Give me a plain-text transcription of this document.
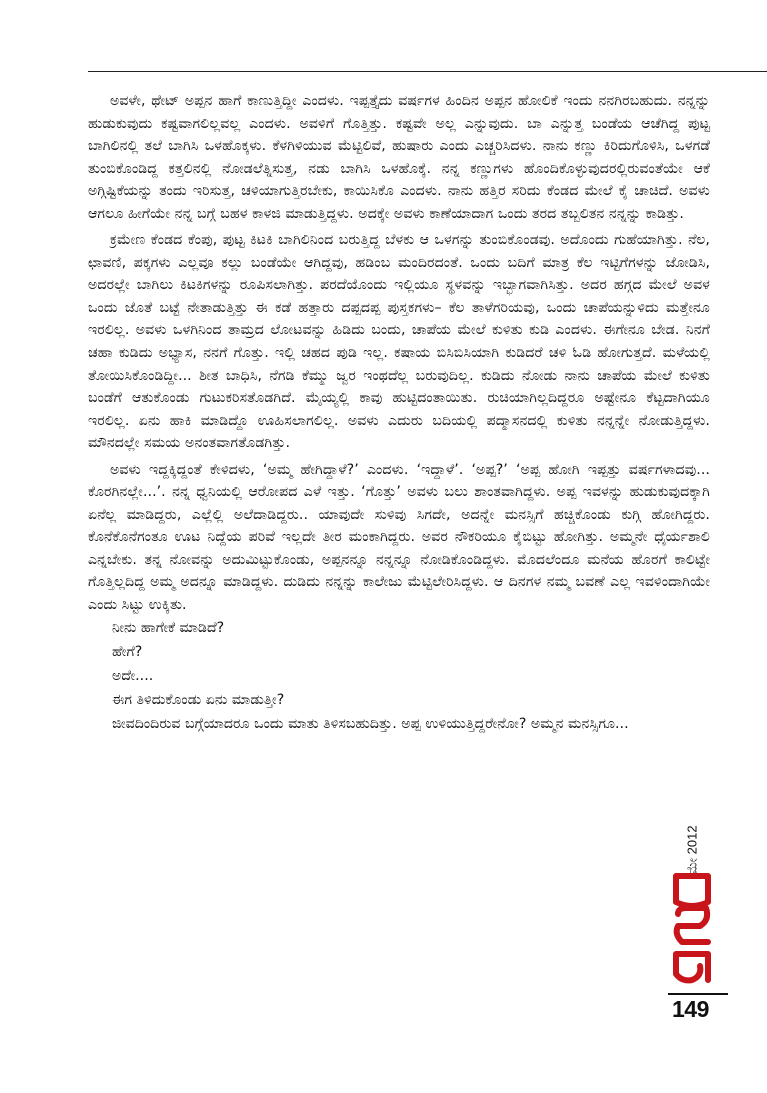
ಅವಳೇ, ಥೇಟ್ ಅಪ್ಪನ ಹಾಗೆ ಕಾಣುತ್ತಿದ್ದೀ ಎಂದಳು. ಇಪ್ಪತ್ತೈದು ವರ್ಷಗಳ ಹಿಂದಿನ ಅಪ್ಪನ ಹೋಲಿಕೆ ಇಂದು ನನಗಿರಬಹುದು. ನನ್ನನ್ನು ಹುಡುಕುವುದು ಕಷ್ಟವಾಗಲಿಲ್ಲವಲ್ಲ ಎಂದಳು. ಅವಳಿಗೆ ಗೊತ್ತಿತ್ತು. ಕಷ್ಟವೇ ಅಲ್ಲ ಎನ್ನುವುದು. ಬಾ ಎನ್ನುತ್ತ ಬಂಡೆಯ ಆಚೆಗಿದ್ದ ಪುಟ್ಟ ಬಾಗಿಲಿನಲ್ಲಿ ತಲೆ ಬಾಗಿಸಿ ಒಳಹೊಕ್ಕಳು. ಕೆಳಗಿಳಿಯುವ ಮೆಟ್ಟಿಲಿವೆ, ಹುಷಾರು ಎಂದು ಎಚ್ಚರಿಸಿದಳು. ನಾನು ಕಣ್ಣು ಕಿರಿದುಗೊಳಿಸಿ, ಒಳಗಡೆ ತುಂಬಿಕೊಂಡಿದ್ದ ಕತ್ತಲಿನಲ್ಲಿ ನೋಡಲೆತ್ನಿಸುತ್ತ, ನಡು ಬಾಗಿಸಿ ಒಳಹೊಕ್ಕೆ. ನನ್ನ ಕಣ್ಣುಗಳು ಹೊಂದಿಕೊಳ್ಳುವುದರಲ್ಲಿರುವಂತೆಯೇ ಆಕೆ ಅಗ್ಗಿಷ್ಟಿಕೆಯನ್ನು ತಂದು ಇರಿಸುತ್ತ, ಚಳಿಯಾಗುತ್ತಿರಬೇಕು, ಕಾಯಿಸಿಕೊ ಎಂದಳು. ನಾನು ಹತ್ತಿರ ಸರಿದು ಕೆಂಡದ ಮೇಲೆ ಕೈ ಚಾಚಿದೆ. ಅವಳು ಆಗಲೂ ಹೀಗೆಯೇ ನನ್ನ ಬಗ್ಗೆ ಬಹಳ ಕಾಳಜಿ ಮಾಡುತ್ತಿದ್ದಳು. ಅದಕ್ಕೇ ಅವಳು ಕಾಣೆಯಾದಾಗ ಒಂದು ತರದ ತಬ್ಬಲಿತನ ನನ್ನನ್ನು ಕಾಡಿತ್ತು.

ಕ್ರಮೇಣ ಕೆಂಡದ ಕೆಂಪು, ಪುಟ್ಟ ಕಿಟಕಿ ಬಾಗಿಲಿನಿಂದ ಬರುತ್ತಿದ್ದ ಬೆಳಕು ಆ ಒಳಗನ್ನು ತುಂಬಿಕೊಂಡವು. ಅದೊಂದು ಗುಹೆಯಾಗಿತ್ತು. ನೆಲ, ಛಾವಣಿ, ಪಕ್ಕಗಳು ಎಲ್ಲವೂ ಕಲ್ಲು ಬಂಡೆಯೇ ಆಗಿದ್ದವು, ಹಡಿಂಬ ಮಂದಿರದಂತೆ. ಒಂದು ಬದಿಗೆ ಮಾತ್ರ ಕೆಲ ಇಟ್ಟಿಗೆಗಳನ್ನು ಜೋಡಿಸಿ, ಅದರಲ್ಲೇ ಬಾಗಿಲು ಕಿಟಕಿಗಳನ್ನು ರೂಪಿಸಲಾಗಿತ್ತು. ಪರದೆಯೊಂದು ಇಲ್ಲಿಯೂ ಸ್ಥಳವನ್ನು ಇಬ್ಭಾಗವಾಗಿಸಿತ್ತು. ಅದರ ಹಗ್ಗದ ಮೇಲೆ ಅವಳ ಒಂದು ಜೊತೆ ಬಟ್ಟೆ ನೇತಾಡುತ್ತಿತ್ತು ಈ ಕಡೆ ಹತ್ತಾರು ದಪ್ಪದಪ್ಪ ಪುಸ್ತಕಗಳು– ಕೆಲ ತಾಳೆಗರಿಯವು, ಒಂದು ಚಾಪೆಯನ್ನುಳಿದು ಮತ್ತೇನೂ ಇರಲಿಲ್ಲ. ಅವಳು ಒಳಗಿನಿಂದ ತಾಮ್ರದ ಲೋಟವನ್ನು ಹಿಡಿದು ಬಂದು, ಚಾಪೆಯ ಮೇಲೆ ಕುಳಿತು ಕುಡಿ ಎಂದಳು. ಈಗೇನೂ ಬೇಡ. ನಿನಗೆ ಚಹಾ ಕುಡಿದು ಅಭ್ಯಾಸ, ನನಗೆ ಗೊತ್ತು. ಇಲ್ಲಿ ಚಹದ ಪುಡಿ ಇಲ್ಲ. ಕಷಾಯ ಬಿಸಿಬಿಸಿಯಾಗಿ ಕುಡಿದರೆ ಚಳಿ ಓಡಿ ಹೋಗುತ್ತದೆ. ಮಳೆಯಲ್ಲಿ ತೋಯಿಸಿಕೊಂಡಿದ್ದೀ... ಶೀತ ಬಾಧಿಸಿ, ನೆಗಡಿ ಕೆಮ್ಮು ಜ್ವರ ಇಂಥದೆಲ್ಲ ಬರುವುದಿಲ್ಲ. ಕುಡಿದು ನೋಡು ನಾನು ಚಾಪೆಯ ಮೇಲೆ ಕುಳಿತು ಬಂಡೆಗೆ ಆತುಕೊಂಡು ಗುಟುಕರಿಸತೊಡಗಿದೆ. ಮೈಯ್ಯಲ್ಲಿ ಕಾವು ಹುಟ್ಟಿದಂತಾಯಿತು. ರುಚಿಯಾಗಿಲ್ಲದಿದ್ದರೂ ಅಷ್ಟೇನೂ ಕೆಟ್ಟದಾಗಿಯೂ ಇರಲಿಲ್ಲ. ಏನು ಹಾಕಿ ಮಾಡಿದ್ದೊ ಊಹಿಸಲಾಗಲಿಲ್ಲ. ಅವಳು ಎದುರು ಬದಿಯಲ್ಲಿ ಪದ್ಮಾಸನದಲ್ಲಿ ಕುಳಿತು ನನ್ನನ್ನೇ ನೋಡುತ್ತಿದ್ದಳು. ಮೌನದಲ್ಲೇ ಸಮಯ ಅನಂತವಾಗತೊಡಗಿತ್ತು.

ಅವಳು ಇದ್ದಕ್ಕಿದ್ದಂತೆ ಕೇಳಿದಳು, ‘ಅಮ್ಮ ಹೇಗಿದ್ದಾಳೆ?’ ಎಂದಳು. ‘ಇದ್ದಾಳೆ’. ‘ಅಪ್ಪ?’ ‘ಅಪ್ಪ ಹೋಗಿ ಇಪ್ಪತ್ತು ವರ್ಷಗಳಾದವು... ಕೊರಗಿನಲ್ಲೇ...’. ನನ್ನ ಧ್ವನಿಯಲ್ಲಿ ಆರೋಪದ ಎಳೆ ಇತ್ತು. ‘ಗೊತ್ತು’ ಅವಳು ಬಲು ಶಾಂತವಾಗಿದ್ದಳು. ಅಪ್ಪ ಇವಳನ್ನು ಹುಡುಕುವುದಕ್ಕಾಗಿ ಏನೆಲ್ಲ ಮಾಡಿದ್ದರು, ಎಲ್ಲೆಲ್ಲಿ ಅಲೆದಾಡಿದ್ದರು.. ಯಾವುದೇ ಸುಳಿವು ಸಿಗದೇ, ಅದನ್ನೇ ಮನಸ್ಸಿಗೆ ಹಚ್ಚಿಕೊಂಡು ಕುಗ್ಗಿ ಹೋಗಿದ್ದರು. ಕೊನೆಕೊನೆಗಂತೂ ಊಟ ನಿದ್ದೆಯ ಪರಿವೆ ಇಲ್ಲದೇ ತೀರ ಮಂಕಾಗಿದ್ದರು. ಅವರ ನೌಕರಿಯೂ ಕೈಬಿಟ್ಟು ಹೋಗಿತ್ತು. ಅಮ್ಮನೇ ಧೈರ್ಯಶಾಲಿ ಎನ್ನಬೇಕು. ತನ್ನ ನೋವನ್ನು ಅದುಮಿಟ್ಟುಕೊಂಡು, ಅಪ್ಪನನ್ನೂ ನನ್ನನ್ನೂ ನೋಡಿಕೊಂಡಿದ್ದಳು. ಮೊದಲೆಂದೂ ಮನೆಯ ಹೊರಗೆ ಕಾಲಿಟ್ಟೇ ಗೊತ್ತಿಲ್ಲದಿದ್ದ ಅಮ್ಮ ಅದನ್ನೂ ಮಾಡಿದ್ದಳು. ದುಡಿದು ನನ್ನನ್ನು ಕಾಲೇಜು ಮೆಟ್ಟಿಲೇರಿಸಿದ್ದಳು. ಆ ದಿನಗಳ ನಮ್ಮ ಬವಣೆ ಎಲ್ಲ ಇವಳಿಂದಾಗಿಯೇ ಎಂದು ಸಿಟ್ಟು ಉಕ್ಕಿತು.

ನೀನು ಹಾಗೇಕೆ ಮಾಡಿದೆ?

ಹೇಗೆ?

ಅದೇ....

ಈಗ ತಿಳಿದುಕೊಂಡು ಏನು ಮಾಡುತ್ತೀ?

ಜೀವದಿಂದಿರುವ ಬಗ್ಗೆಯಾದರೂ ಒಂದು ಮಾತು ತಿಳಿಸಬಹುದಿತ್ತು. ಅಪ್ಪ ಉಳಿಯುತ್ತಿದ್ದರೇನೋ? ಅಮ್ಮನ ಮನಸ್ಸಿಗೂ...

ಮೇ 2012
149
